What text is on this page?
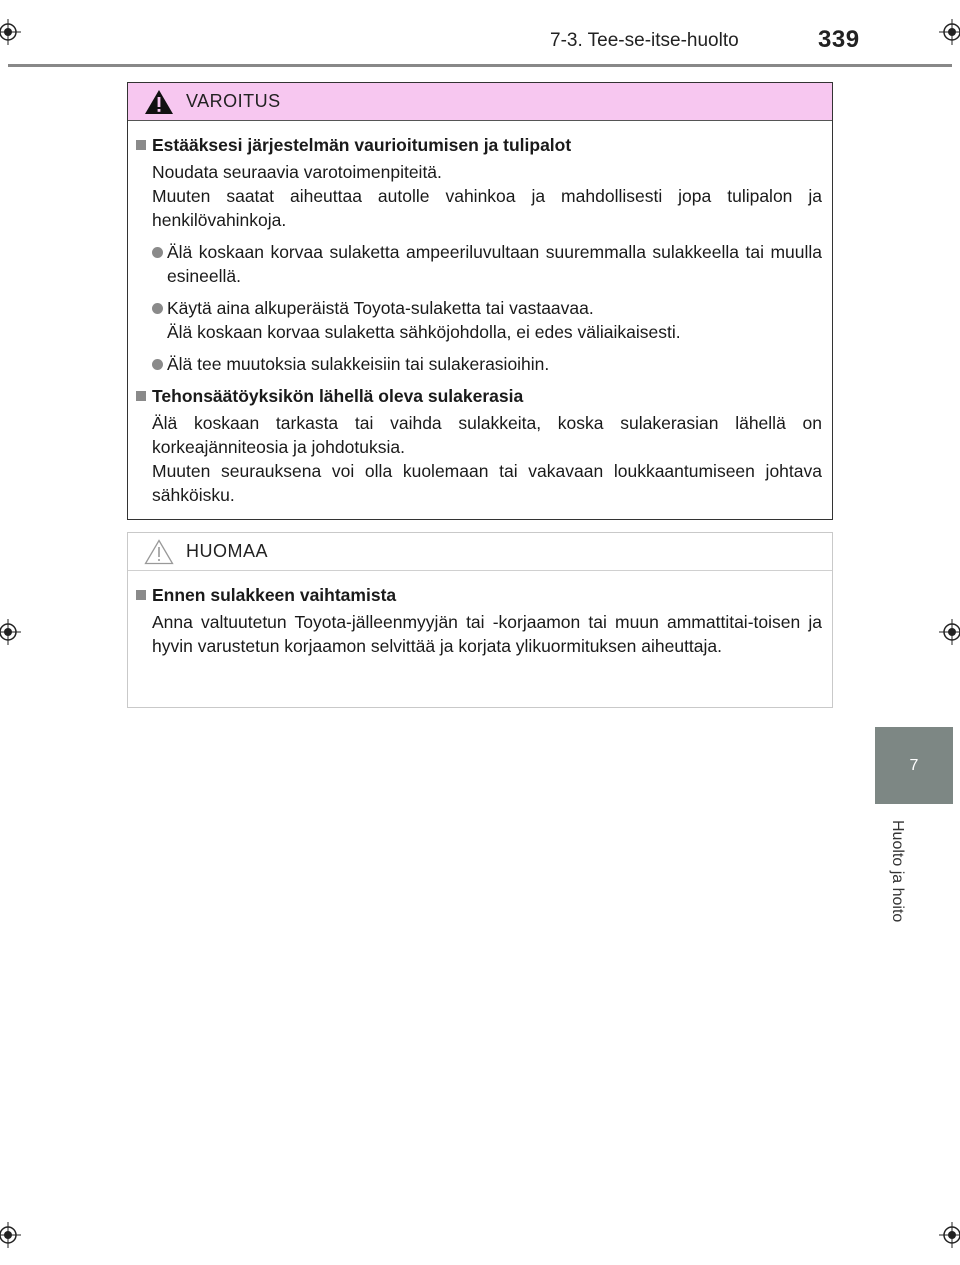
7-3. Tee-se-itse-huolto	339
7
Huolto ja hoito
VAROITUS
Estääksesi järjestelmän vaurioitumisen ja tulipalot
Noudata seuraavia varotoimenpiteitä.
Muuten saatat aiheuttaa autolle vahinkoa ja mahdollisesti jopa tulipalon ja henkilövahinkoja.
Älä koskaan korvaa sulaketta ampeeriluvultaan suuremmalla sulakkeella tai muulla esineellä.
Käytä aina alkuperäistä Toyota-sulaketta tai vastaavaa.
Älä koskaan korvaa sulaketta sähköjohdolla, ei edes väliaikaisesti.
Älä tee muutoksia sulakkeisiin tai sulakerasioihin.
Tehonsäätöyksikön lähellä oleva sulakerasia
Älä koskaan tarkasta tai vaihda sulakkeita, koska sulakerasian lähellä on korkeajänniteosia ja johdotuksia.
Muuten seurauksena voi olla kuolemaan tai vakavaan loukkaantumiseen johtava sähköisku.
HUOMAA
Ennen sulakkeen vaihtamista
Anna valtuutetun Toyota-jälleenmyyjän tai -korjaamon tai muun ammattitai-toisen ja hyvin varustetun korjaamon selvittää ja korjata ylikuormituksen aiheuttaja.
